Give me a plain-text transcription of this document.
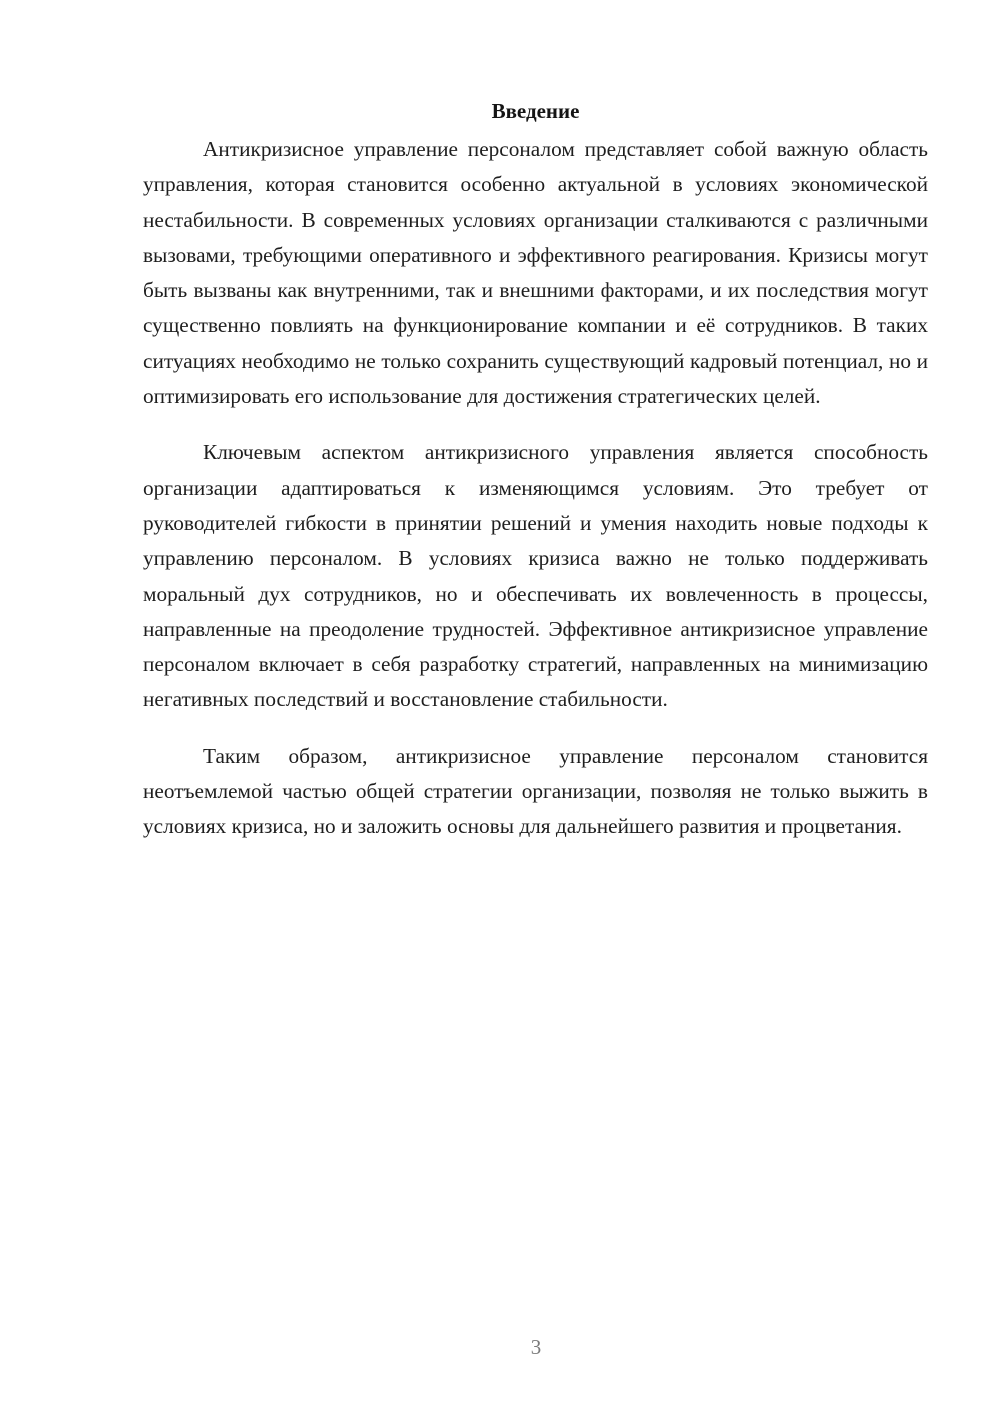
Введение

Антикризисное управление персоналом представляет собой важную область управления, которая становится особенно актуальной в условиях экономической нестабильности. В современных условиях организации сталкиваются с различными вызовами, требующими оперативного и эффективного реагирования. Кризисы могут быть вызваны как внутренними, так и внешними факторами, и их последствия могут существенно повлиять на функционирование компании и её сотрудников. В таких ситуациях необходимо не только сохранить существующий кадровый потенциал, но и оптимизировать его использование для достижения стратегических целей.

Ключевым аспектом антикризисного управления является способность организации адаптироваться к изменяющимся условиям. Это требует от руководителей гибкости в принятии решений и умения находить новые подходы к управлению персоналом. В условиях кризиса важно не только поддерживать моральный дух сотрудников, но и обеспечивать их вовлеченность в процессы, направленные на преодоление трудностей. Эффективное антикризисное управление персоналом включает в себя разработку стратегий, направленных на минимизацию негативных последствий и восстановление стабильности.

Таким образом, антикризисное управление персоналом становится неотъемлемой частью общей стратегии организации, позволяя не только выжить в условиях кризиса, но и заложить основы для дальнейшего развития и процветания.

3
